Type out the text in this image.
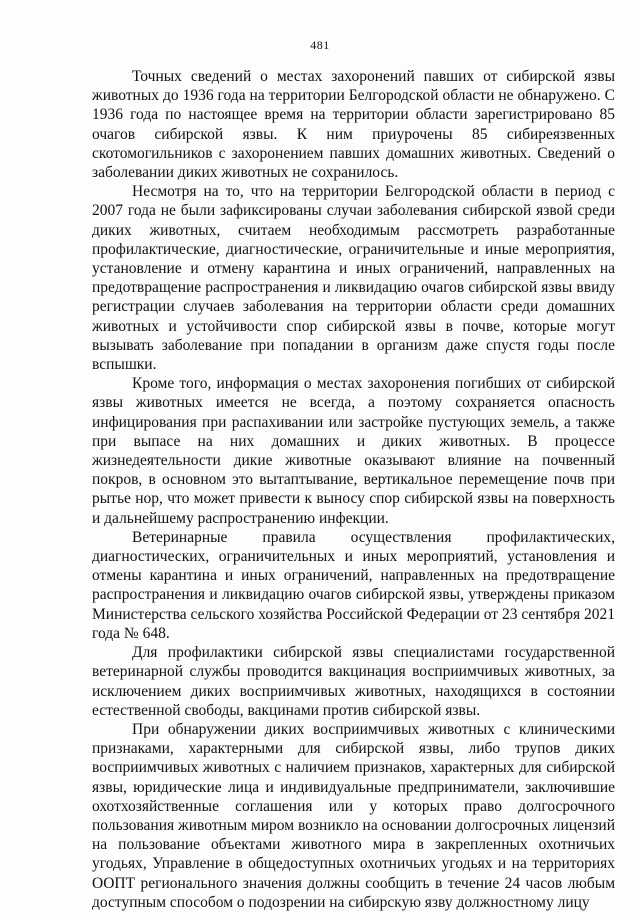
481

Точных сведений о местах захоронений павших от сибирской язвы животных до 1936 года на территории Белгородской области не обнаружено. С 1936 года по настоящее время на территории области зарегистрировано 85 очагов сибирской язвы. К ним приурочены 85 сибиреязвенных скотомогильников с захоронением павших домашних животных. Сведений о заболевании диких животных не сохранилось.

Несмотря на то, что на территории Белгородской области в период с 2007 года не были зафиксированы случаи заболевания сибирской язвой среди диких животных, считаем необходимым рассмотреть разработанные профилактические, диагностические, ограничительные и иные мероприятия, установление и отмену карантина и иных ограничений, направленных на предотвращение распространения и ликвидацию очагов сибирской язвы ввиду регистрации случаев заболевания на территории области среди домашних животных и устойчивости спор сибирской язвы в почве, которые могут вызывать заболевание при попадании в организм даже спустя годы после вспышки.

Кроме того, информация о местах захоронения погибших от сибирской язвы животных имеется не всегда, а поэтому сохраняется опасность инфицирования при распахивании или застройке пустующих земель, а также при выпасе на них домашних и диких животных. В процессе жизнедеятельности дикие животные оказывают влияние на почвенный покров, в основном это вытаптывание, вертикальное перемещение почв при рытье нор, что может привести к выносу спор сибирской язвы на поверхность и дальнейшему распространению инфекции.

Ветеринарные правила осуществления профилактических, диагностических, ограничительных и иных мероприятий, установления и отмены карантина и иных ограничений, направленных на предотвращение распространения и ликвидацию очагов сибирской язвы, утверждены приказом Министерства сельского хозяйства Российской Федерации от 23 сентября 2021 года № 648.

Для профилактики сибирской язвы специалистами государственной ветеринарной службы проводится вакцинация восприимчивых животных, за исключением диких восприимчивых животных, находящихся в состоянии естественной свободы, вакцинами против сибирской язвы.

При обнаружении диких восприимчивых животных с клиническими признаками, характерными для сибирской язвы, либо трупов диких восприимчивых животных с наличием признаков, характерных для сибирской язвы, юридические лица и индивидуальные предприниматели, заключившие охотхозяйственные соглашения или у которых право долгосрочного пользования животным миром возникло на основании долгосрочных лицензий на пользование объектами животного мира в закрепленных охотничьих угодьях, Управление в общедоступных охотничьих угодьях и на территориях ООПТ регионального значения должны сообщить в течение 24 часов любым доступным способом о подозрении на сибирскую язву должностному лицу
